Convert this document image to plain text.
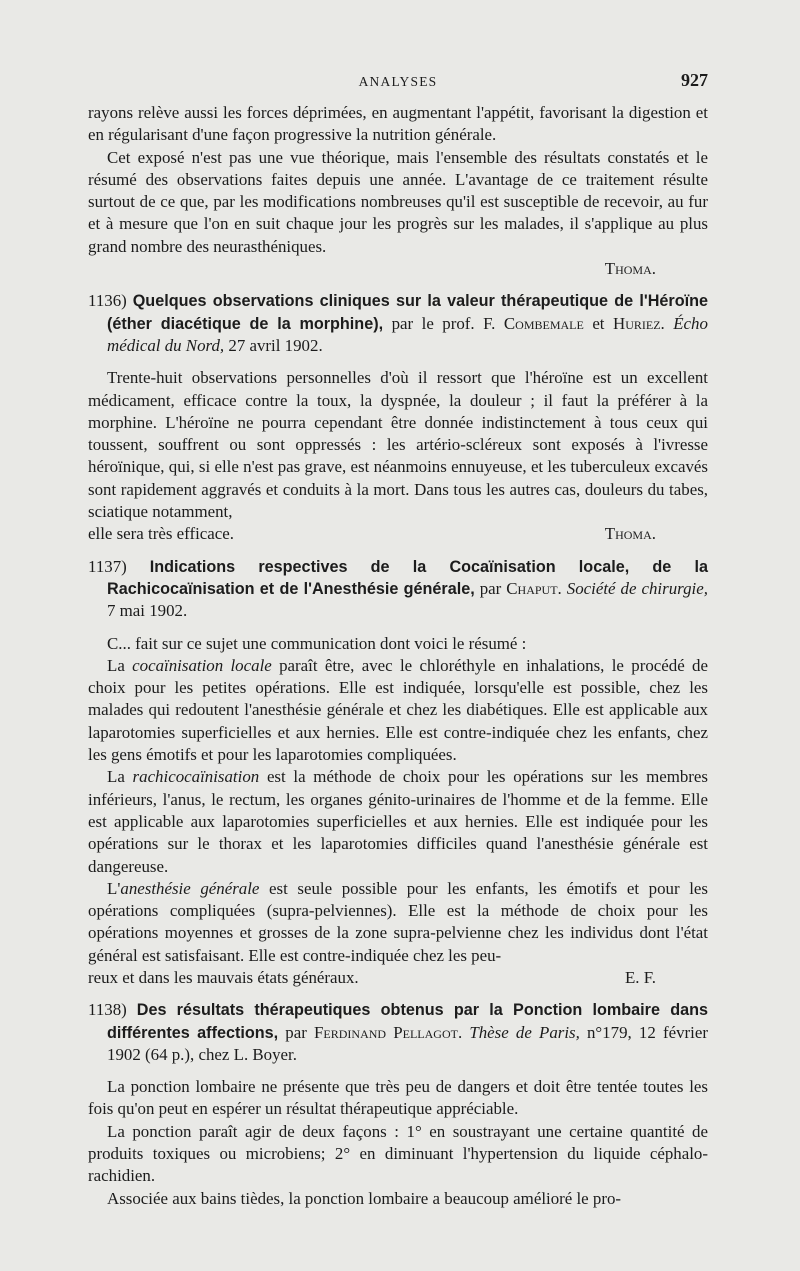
ANALYSES	927

rayons relève aussi les forces déprimées, en augmentant l'appétit, favorisant la digestion et en régularisant d'une façon progressive la nutrition générale.

Cet exposé n'est pas une vue théorique, mais l'ensemble des résultats constatés et le résumé des observations faites depuis une année. L'avantage de ce traitement résulte surtout de ce que, par les modifications nombreuses qu'il est susceptible de recevoir, au fur et à mesure que l'on en suit chaque jour les progrès sur les malades, il s'applique au plus grand nombre des neurasthéniques.

Thoma.

1136) Quelques observations cliniques sur la valeur thérapeutique de l'Héroïne (éther diacétique de la morphine), par le prof. F. Combemale et Huriez. Écho médical du Nord, 27 avril 1902.

Trente-huit observations personnelles d'où il ressort que l'héroïne est un excellent médicament, efficace contre la toux, la dyspnée, la douleur ; il faut la préférer à la morphine. L'héroïne ne pourra cependant être donnée indistinctement à tous ceux qui toussent, souffrent ou sont oppressés : les artério-scléreux sont exposés à l'ivresse héroïnique, qui, si elle n'est pas grave, est néanmoins ennuyeuse, et les tuberculeux excavés sont rapidement aggravés et conduits à la mort. Dans tous les autres cas, douleurs du tabes, sciatique notamment,

elle sera très efficace.	Thoma.

1137) Indications respectives de la Cocaïnisation locale, de la Rachicocaïnisation et de l'Anesthésie générale, par Chaput. Société de chirurgie, 7 mai 1902.

C... fait sur ce sujet une communication dont voici le résumé :

La cocaïnisation locale paraît être, avec le chloréthyle en inhalations, le procédé de choix pour les petites opérations. Elle est indiquée, lorsqu'elle est possible, chez les malades qui redoutent l'anesthésie générale et chez les diabétiques. Elle est applicable aux laparotomies superficielles et aux hernies. Elle est contre-indiquée chez les enfants, chez les gens émotifs et pour les laparotomies compliquées.

La rachicocaïnisation est la méthode de choix pour les opérations sur les membres inférieurs, l'anus, le rectum, les organes génito-urinaires de l'homme et de la femme. Elle est applicable aux laparotomies superficielles et aux hernies. Elle est indiquée pour les opérations sur le thorax et les laparotomies difficiles quand l'anesthésie générale est dangereuse.

L'anesthésie générale est seule possible pour les enfants, les émotifs et pour les opérations compliquées (supra-pelviennes). Elle est la méthode de choix pour les opérations moyennes et grosses de la zone supra-pelvienne chez les individus dont l'état général est satisfaisant. Elle est contre-indiquée chez les peu-

reux et dans les mauvais états généraux.	E. F.

1138) Des résultats thérapeutiques obtenus par la Ponction lombaire dans différentes affections, par Ferdinand Pellagot. Thèse de Paris, n°179, 12 février 1902 (64 p.), chez L. Boyer.

La ponction lombaire ne présente que très peu de dangers et doit être tentée toutes les fois qu'on peut en espérer un résultat thérapeutique appréciable.

La ponction paraît agir de deux façons : 1° en soustrayant une certaine quantité de produits toxiques ou microbiens; 2° en diminuant l'hypertension du liquide céphalo-rachidien.

Associée aux bains tièdes, la ponction lombaire a beaucoup amélioré le pro-
